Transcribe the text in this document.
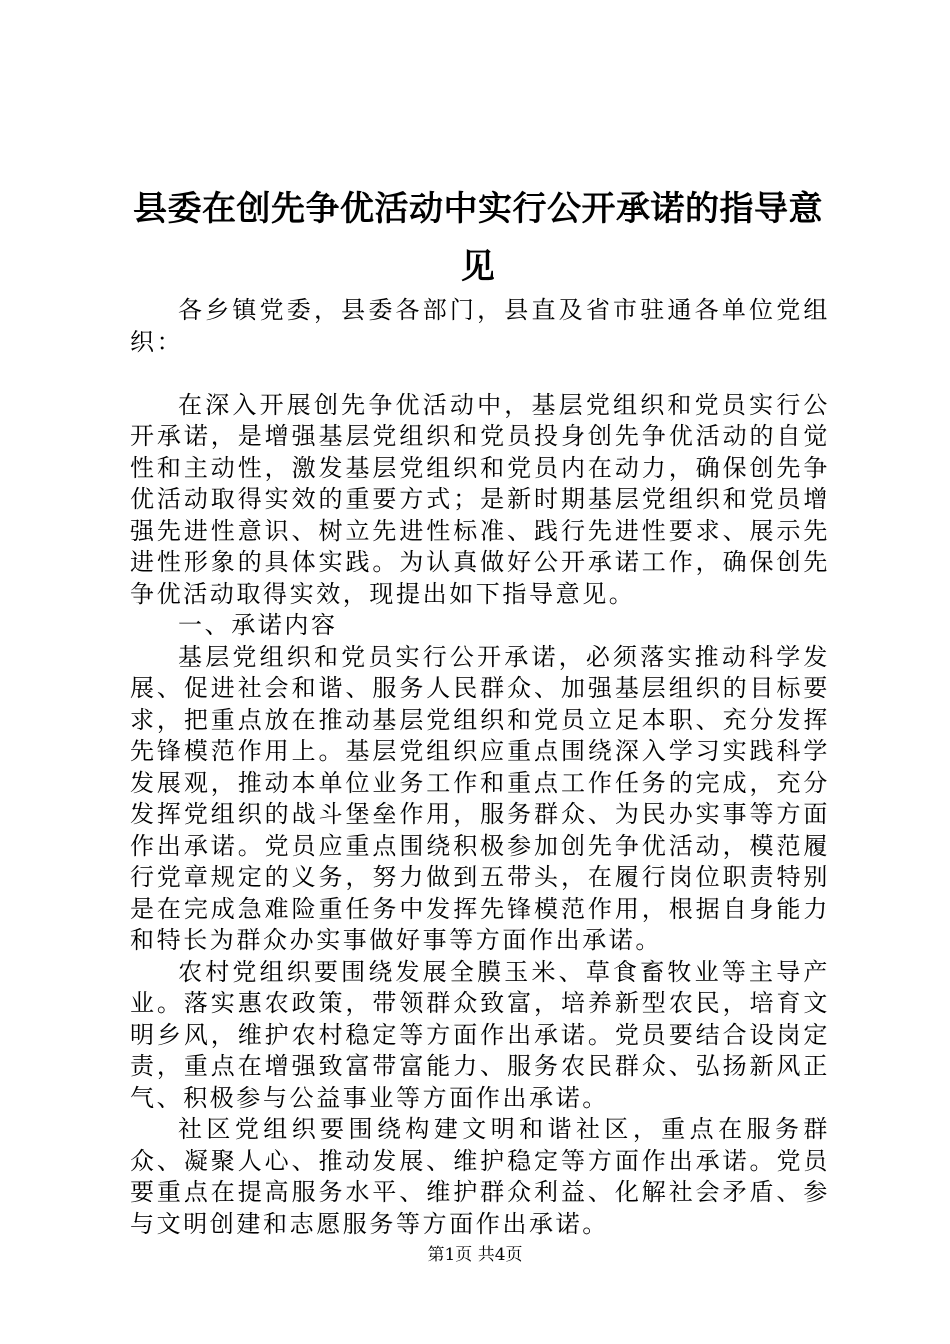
县委在创先争优活动中实行公开承诺的指导意见

各乡镇党委，县委各部门，县直及省市驻通各单位党组织：

在深入开展创先争优活动中，基层党组织和党员实行公开承诺，是增强基层党组织和党员投身创先争优活动的自觉性和主动性，激发基层党组织和党员内在动力，确保创先争优活动取得实效的重要方式；是新时期基层党组织和党员增强先进性意识、树立先进性标准、践行先进性要求、展示先进性形象的具体实践。为认真做好公开承诺工作，确保创先争优活动取得实效，现提出如下指导意见。

一、承诺内容

基层党组织和党员实行公开承诺，必须落实推动科学发展、促进社会和谐、服务人民群众、加强基层组织的目标要求，把重点放在推动基层党组织和党员立足本职、充分发挥先锋模范作用上。基层党组织应重点围绕深入学习实践科学发展观，推动本单位业务工作和重点工作任务的完成，充分发挥党组织的战斗堡垒作用，服务群众、为民办实事等方面作出承诺。党员应重点围绕积极参加创先争优活动，模范履行党章规定的义务，努力做到五带头，在履行岗位职责特别是在完成急难险重任务中发挥先锋模范作用，根据自身能力和特长为群众办实事做好事等方面作出承诺。

农村党组织要围绕发展全膜玉米、草食畜牧业等主导产业。落实惠农政策，带领群众致富，培养新型农民，培育文明乡风，维护农村稳定等方面作出承诺。党员要结合设岗定责，重点在增强致富带富能力、服务农民群众、弘扬新风正气、积极参与公益事业等方面作出承诺。

社区党组织要围绕构建文明和谐社区，重点在服务群众、凝聚人心、推动发展、维护稳定等方面作出承诺。党员要重点在提高服务水平、维护群众利益、化解社会矛盾、参与文明创建和志愿服务等方面作出承诺。

第1页 共4页
